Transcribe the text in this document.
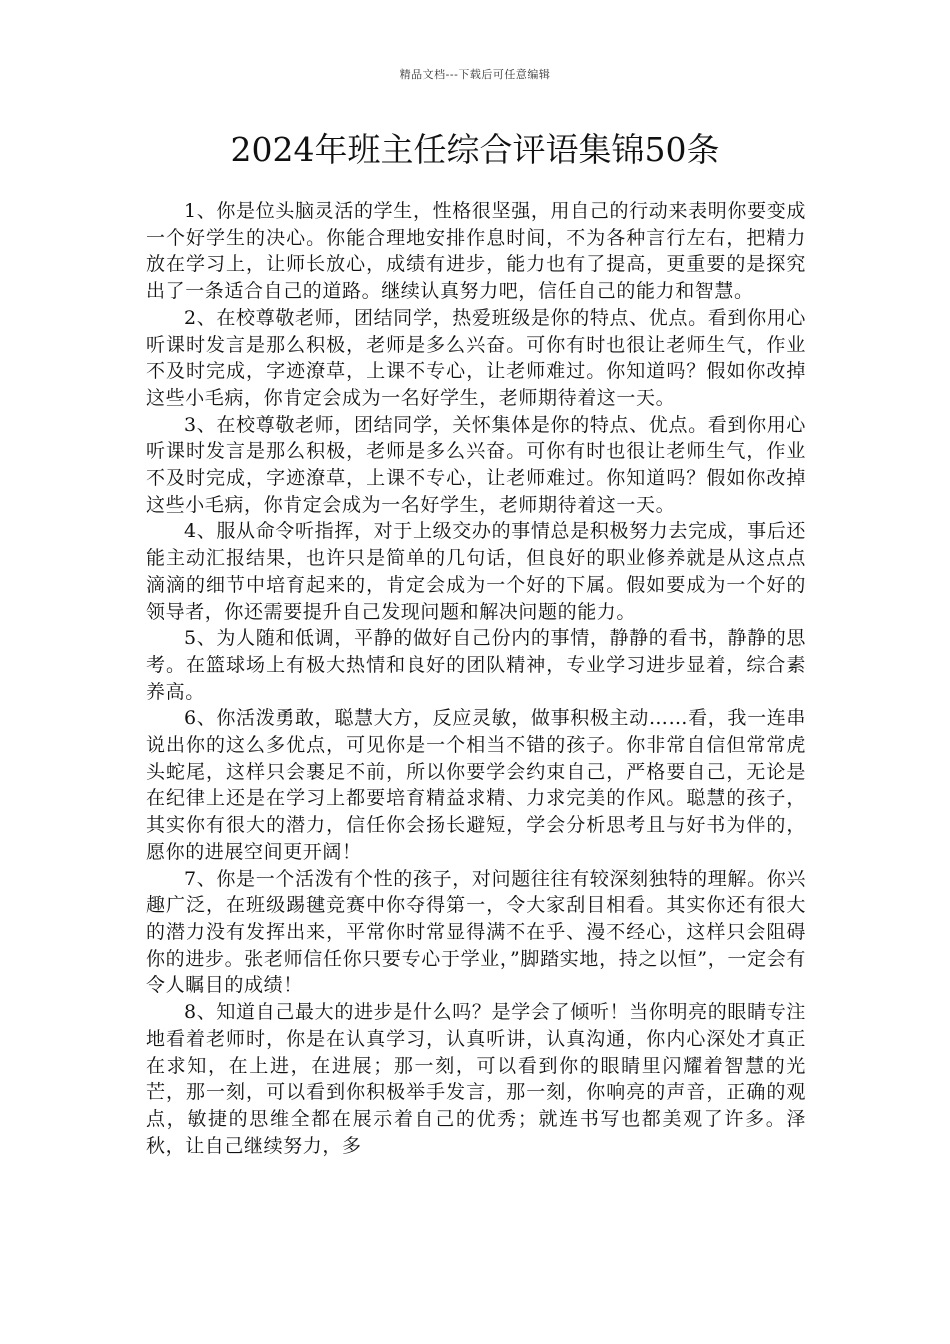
精品文档---下载后可任意编辑
2024年班主任综合评语集锦50条

1、你是位头脑灵活的学生，性格很坚强，用自己的行动来表明你要变成一个好学生的决心。你能合理地安排作息时间，不为各种言行左右，把精力放在学习上，让师长放心，成绩有进步，能力也有了提高，更重要的是探究出了一条适合自己的道路。继续认真努力吧，信任自己的能力和智慧。

2、在校尊敬老师，团结同学，热爱班级是你的特点、优点。看到你用心听课时发言是那么积极，老师是多么兴奋。可你有时也很让老师生气，作业不及时完成，字迹潦草，上课不专心，让老师难过。你知道吗？假如你改掉这些小毛病，你肯定会成为一名好学生，老师期待着这一天。

3、在校尊敬老师，团结同学，关怀集体是你的特点、优点。看到你用心听课时发言是那么积极，老师是多么兴奋。可你有时也很让老师生气，作业不及时完成，字迹潦草，上课不专心，让老师难过。你知道吗？假如你改掉这些小毛病，你肯定会成为一名好学生，老师期待着这一天。

4、服从命令听指挥，对于上级交办的事情总是积极努力去完成，事后还能主动汇报结果，也许只是简单的几句话，但良好的职业修养就是从这点点滴滴的细节中培育起来的，肯定会成为一个好的下属。假如要成为一个好的领导者，你还需要提升自己发现问题和解决问题的能力。

5、为人随和低调，平静的做好自己份内的事情，静静的看书，静静的思考。在篮球场上有极大热情和良好的团队精神，专业学习进步显着，综合素养高。

6、你活泼勇敢，聪慧大方，反应灵敏，做事积极主动……看，我一连串说出你的这么多优点，可见你是一个相当不错的孩子。你非常自信但常常虎头蛇尾，这样只会裹足不前，所以你要学会约束自己，严格要自己，无论是在纪律上还是在学习上都要培育精益求精、力求完美的作风。聪慧的孩子，其实你有很大的潜力，信任你会扬长避短，学会分析思考且与好书为伴的，愿你的进展空间更开阔！

7、你是一个活泼有个性的孩子，对问题往往有较深刻独特的理解。你兴趣广泛，在班级踢毽竞赛中你夺得第一，令大家刮目相看。其实你还有很大的潜力没有发挥出来，平常你时常显得满不在乎、漫不经心，这样只会阻碍你的进步。张老师信任你只要专心于学业，”脚踏实地，持之以恒”，一定会有令人瞩目的成绩！

8、知道自己最大的进步是什么吗？是学会了倾听！当你明亮的眼睛专注地看着老师时，你是在认真学习，认真听讲，认真沟通，你内心深处才真正在求知，在上进，在进展；那一刻，可以看到你的眼睛里闪耀着智慧的光芒，那一刻，可以看到你积极举手发言，那一刻，你响亮的声音，正确的观点，敏捷的思维全都在展示着自己的优秀；就连书写也都美观了许多。泽秋，让自己继续努力，多
